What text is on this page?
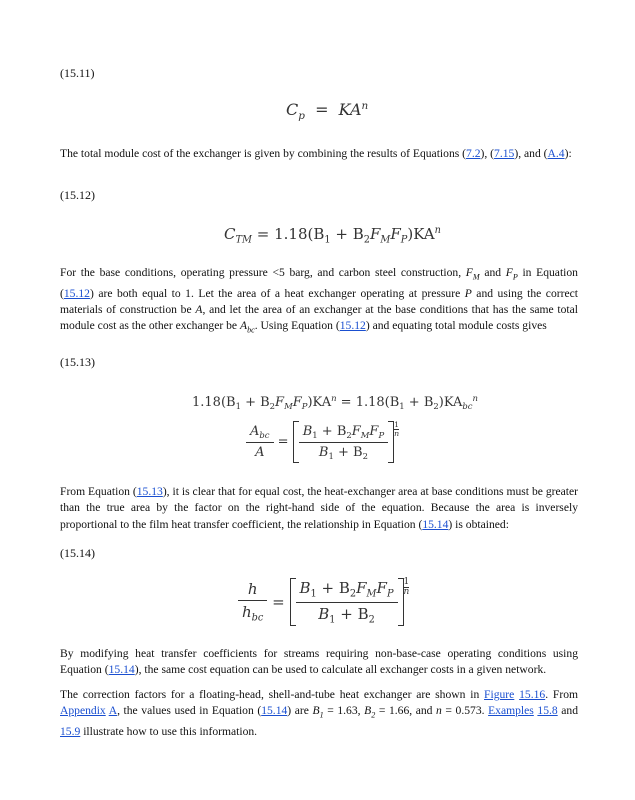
(15.11)
$C_p = KA^n$

The total module cost of the exchanger is given by combining the results of Equations (7.2), (7.15), and (A.4):

(15.12)
$C_{TM} = 1.18(B_1 + B_2F_MF_P)KA^n$

For the base conditions, operating pressure <5 barg, and carbon steel construction, $F_M$ and $F_P$ in Equation (15.12) are both equal to 1. Let the area of a heat exchanger operating at pressure P and using the correct materials of construction be A, and let the area of an exchanger at the base conditions that has the same total module cost as the other exchanger be $A_{bc}$. Using Equation (15.12) and equating total module costs gives

(15.13)
$1.18(B_1 + B_2F_MF_P)KA^n = 1.18(B_1 + B_2)KA_{bc}^n$
$\frac{A_{bc}}{A} = \frac{B_1 + B_2F_MF_P}{B_1 + B_2} \frac{1}{n}$

From Equation (15.13), it is clear that for equal cost, the heat-exchanger area at base conditions must be greater than the true area by the factor on the right-hand side of the equation. Because the area is inversely proportional to the film heat transfer coefficient, the relationship in Equation (15.14) is obtained:

(15.14)
$\frac{h}{h_{bc}} = \frac{B_1 + B_2F_MF_P}{B_1 + B_2} \frac{1}{n}$

By modifying heat transfer coefficients for streams requiring non-base-case operating conditions using Equation (15.14), the same cost equation can be used to calculate all exchanger costs in a given network.

The correction factors for a floating-head, shell-and-tube heat exchanger are shown in Figure 15.16. From Appendix A, the values used in Equation (15.14) are $B_1 = 1.63$, $B_2 = 1.66$, and n = 0.573. Examples 15.8 and 15.9 illustrate how to use this information.
